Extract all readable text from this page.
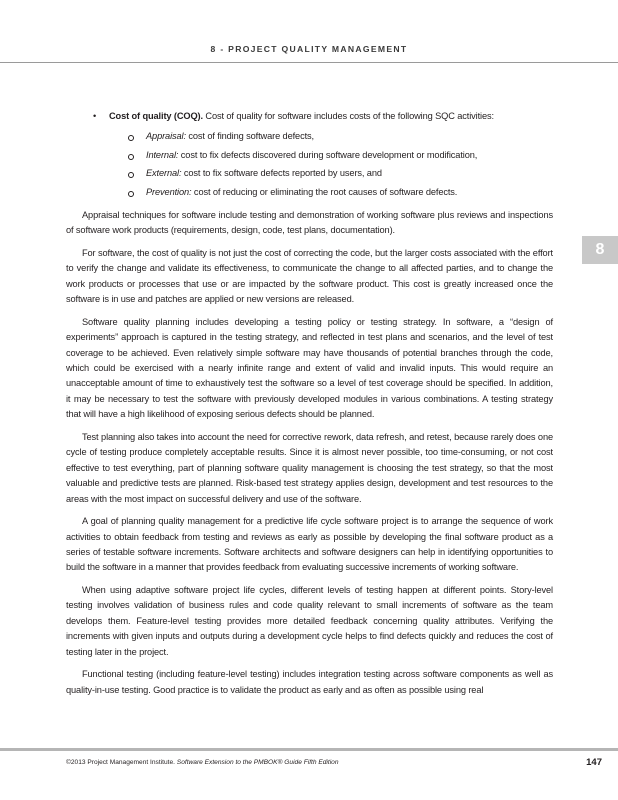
8 - PROJECT QUALITY MANAGEMENT
8
• Cost of quality (COQ). Cost of quality for software includes costs of the following SQC activities:
Appraisal: cost of finding software defects,
Internal: cost to fix defects discovered during software development or modification,
External: cost to fix software defects reported by users, and
Prevention: cost of reducing or eliminating the root causes of software defects.

Appraisal techniques for software include testing and demonstration of working software plus reviews and inspections of software work products (requirements, design, code, test plans, documentation).

For software, the cost of quality is not just the cost of correcting the code, but the larger costs associated with the effort to verify the change and validate its effectiveness, to communicate the change to all affected parties, and to change the work products or processes that use or are impacted by the software product. This cost is greatly increased once the software is in use and patches are applied or new versions are released.

Software quality planning includes developing a testing policy or testing strategy. In software, a “design of experiments” approach is captured in the testing strategy, and reflected in test plans and scenarios, and the level of test coverage to be achieved. Even relatively simple software may have thousands of potential branches through the code, which could be exercised with a nearly infinite range and extent of valid and invalid inputs. This would require an unacceptable amount of time to exhaustively test the software so a level of test coverage should be specified. In addition, it may be necessary to test the software with previously developed modules in various combinations. A testing strategy that will have a high likelihood of exposing serious defects should be planned.

Test planning also takes into account the need for corrective rework, data refresh, and retest, because rarely does one cycle of testing produce completely acceptable results. Since it is almost never possible, too time-consuming, or not cost effective to test everything, part of planning software quality management is choosing the test strategy, so that the most valuable and predictive tests are planned. Risk-based test strategy applies design, development and test resources to the areas with the most impact on successful delivery and use of the software.

A goal of planning quality management for a predictive life cycle software project is to arrange the sequence of work activities to obtain feedback from testing and reviews as early as possible by developing the final software product as a series of testable software increments. Software architects and software designers can help in identifying opportunities to build the software in a manner that provides feedback from evaluating successive increments of working software.

When using adaptive software project life cycles, different levels of testing happen at different points. Story-level testing involves validation of business rules and code quality relevant to small increments of software as the team develops them. Feature-level testing provides more detailed feedback concerning quality attributes. Verifying the increments with given inputs and outputs during a development cycle helps to find defects quickly and reduces the cost of testing later in the project.

Functional testing (including feature-level testing) includes integration testing across software components as well as quality-in-use testing. Good practice is to validate the product as early and as often as possible using real

©2013 Project Management Institute. Software Extension to the PMBOK® Guide Fifth Edition	147
